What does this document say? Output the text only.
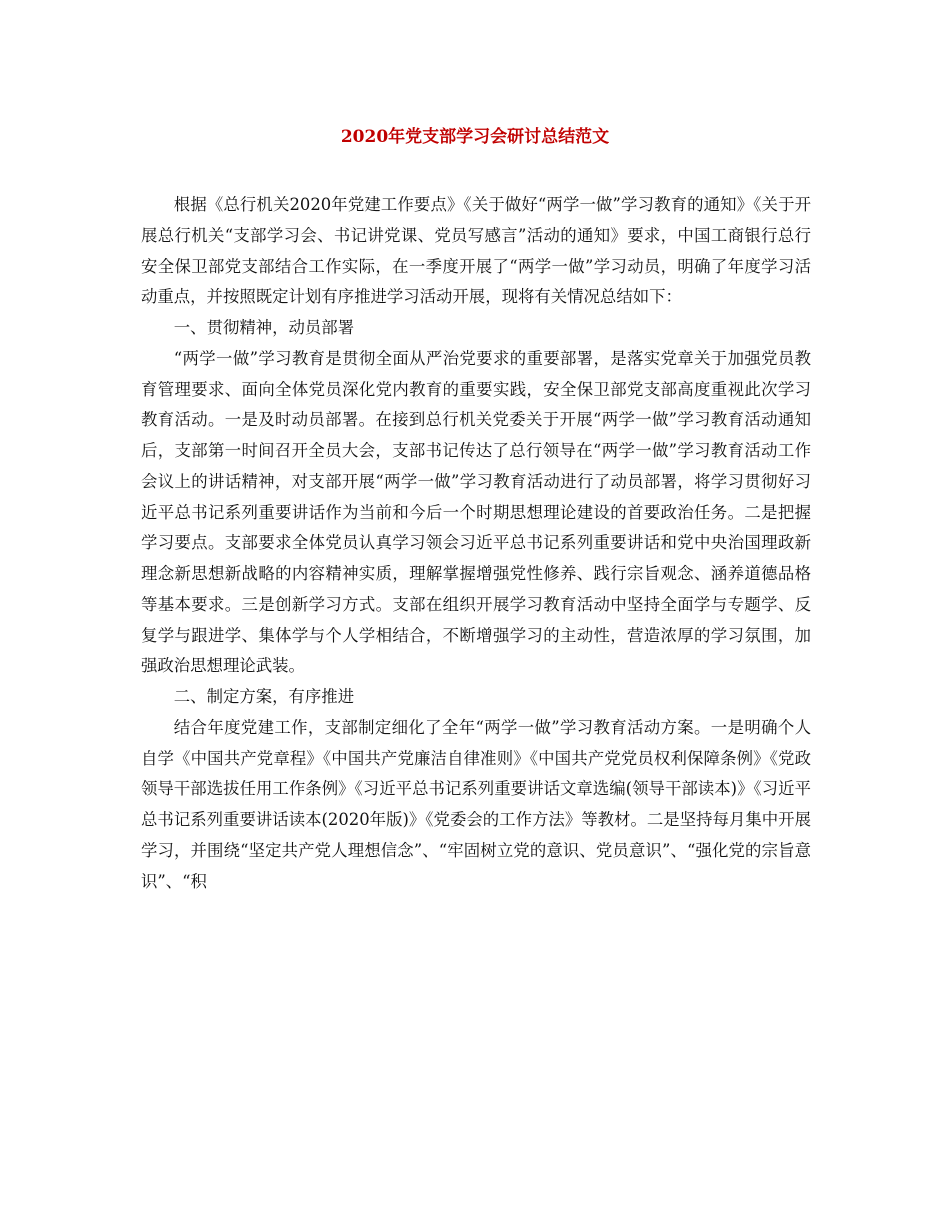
2020年党支部学习会研讨总结范文

根据《总行机关2020年党建工作要点》《关于做好“两学一做”学习教育的通知》《关于开展总行机关“支部学习会、书记讲党课、党员写感言”活动的通知》要求，中国工商银行总行安全保卫部党支部结合工作实际，在一季度开展了“两学一做”学习动员，明确了年度学习活动重点，并按照既定计划有序推进学习活动开展，现将有关情况总结如下：

一、贯彻精神，动员部署

“两学一做”学习教育是贯彻全面从严治党要求的重要部署，是落实党章关于加强党员教育管理要求、面向全体党员深化党内教育的重要实践，安全保卫部党支部高度重视此次学习教育活动。一是及时动员部署。在接到总行机关党委关于开展“两学一做”学习教育活动通知后，支部第一时间召开全员大会，支部书记传达了总行领导在“两学一做”学习教育活动工作会议上的讲话精神，对支部开展“两学一做”学习教育活动进行了动员部署，将学习贯彻好习近平总书记系列重要讲话作为当前和今后一个时期思想理论建设的首要政治任务。二是把握学习要点。支部要求全体党员认真学习领会习近平总书记系列重要讲话和党中央治国理政新理念新思想新战略的内容精神实质，理解掌握增强党性修养、践行宗旨观念、涵养道德品格等基本要求。三是创新学习方式。支部在组织开展学习教育活动中坚持全面学与专题学、反复学与跟进学、集体学与个人学相结合，不断增强学习的主动性，营造浓厚的学习氛围，加强政治思想理论武装。

二、制定方案，有序推进

结合年度党建工作，支部制定细化了全年“两学一做”学习教育活动方案。一是明确个人自学《中国共产党章程》《中国共产党廉洁自律准则》《中国共产党党员权利保障条例》《党政领导干部选拔任用工作条例》《习近平总书记系列重要讲话文章选编(领导干部读本)》《习近平总书记系列重要讲话读本(2020年版)》《党委会的工作方法》等教材。二是坚持每月集中开展学习，并围绕“坚定共产党人理想信念”、“牢固树立党的意识、党员意识”、“强化党的宗旨意识”、“积
